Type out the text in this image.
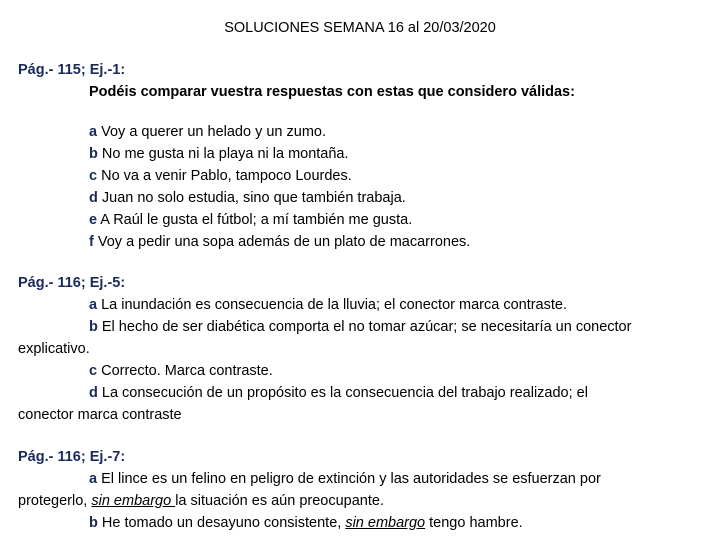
SOLUCIONES SEMANA 16 al 20/03/2020
Pág.- 115; Ej.-1:
Podéis comparar vuestra respuestas con estas que considero válidas:
a Voy a querer un helado y un zumo.
b No me gusta ni la playa ni la montaña.
c No va a venir Pablo, tampoco Lourdes.
d Juan no solo estudia, sino que también trabaja.
e A Raúl le gusta el fútbol; a mí también me gusta.
f Voy a pedir una sopa además de un plato de macarrones.
Pág.- 116; Ej.-5:
a La inundación es consecuencia de la lluvia; el conector marca contraste.
b El hecho de ser diabética comporta el no tomar azúcar; se necesitaría un conector
explicativo.
c Correcto. Marca contraste.
d La consecución de un propósito es la consecuencia del trabajo realizado; el
conector marca contraste
Pág.- 116; Ej.-7:
a El lince es un felino en peligro de extinción y las autoridades se esfuerzan por
protegerlo, sin embargo la situación es aún preocupante.
b He tomado un desayuno consistente, sin embargo tengo hambre.
